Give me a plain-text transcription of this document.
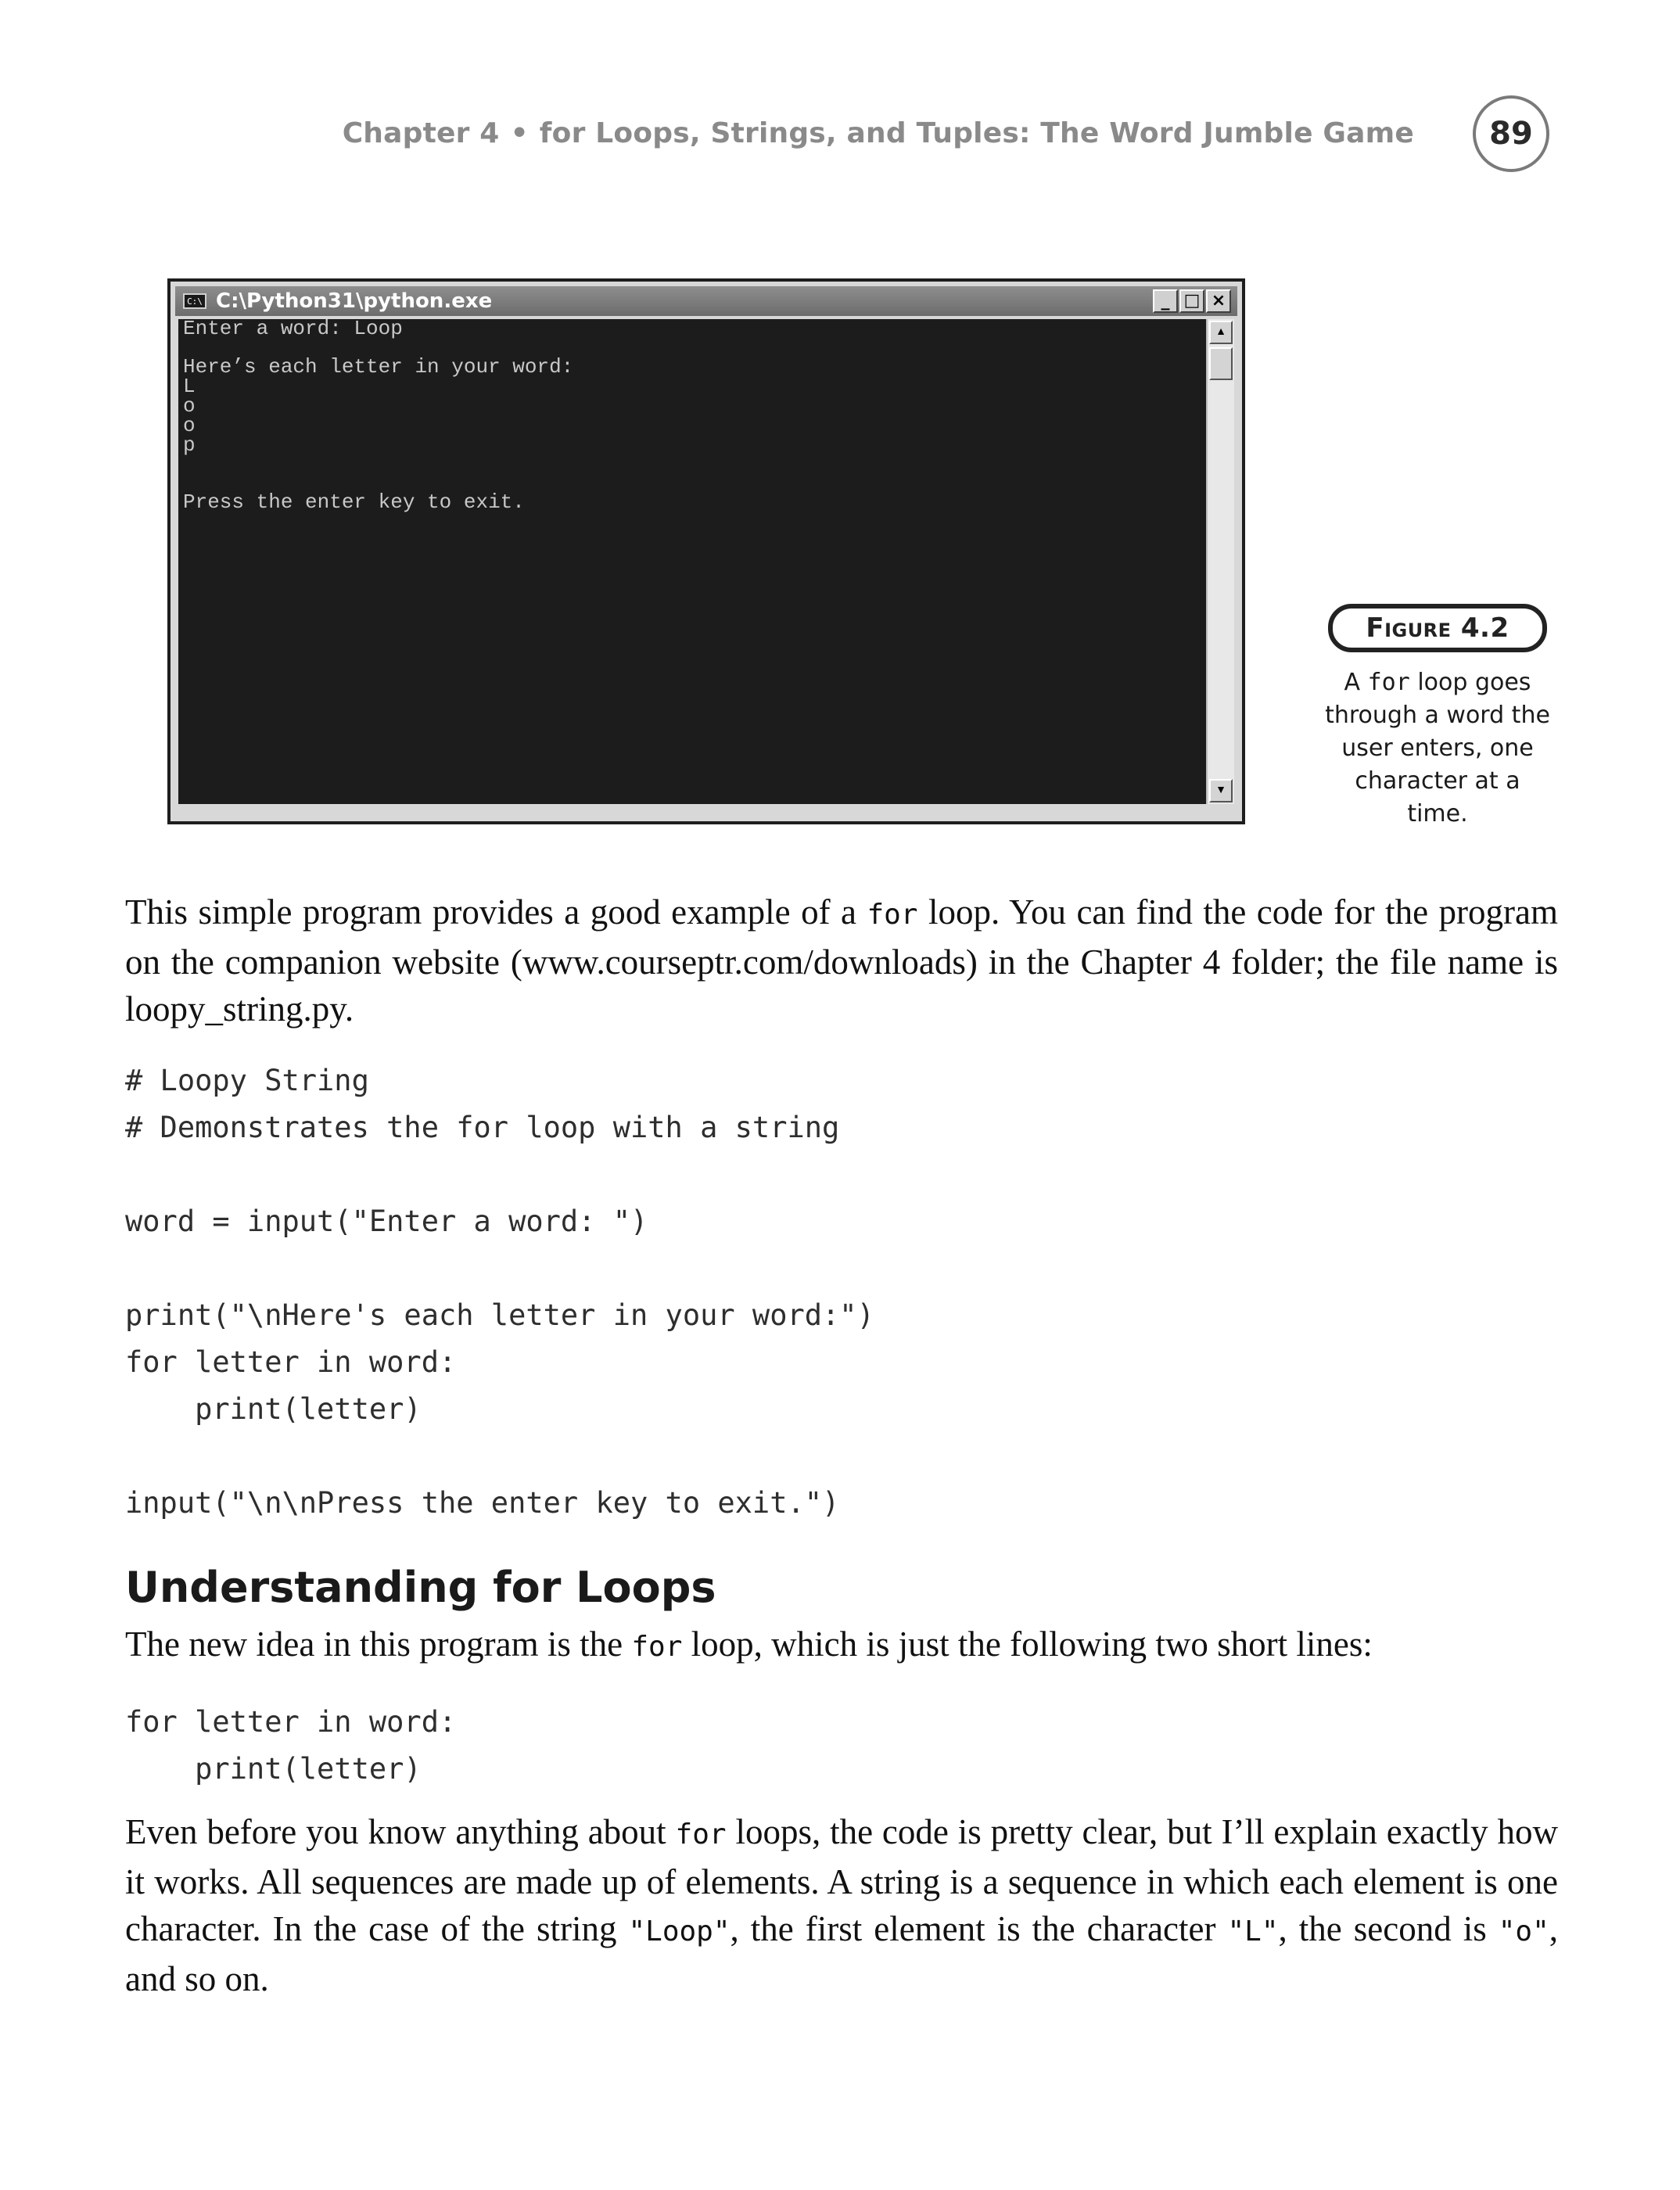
Chapter 4 • for Loops, Strings, and Tuples: The Word Jumble Game	89
C:\ C:\Python31\python.exe	_ □ ×
Enter a word: Loop
Here’s each letter in your word:
L
o
o
p
Press the enter key to exit.
▲
▼
Figure 4.2
A for loop goes through a word the user enters, one character at a time.
This simple program provides a good example of a for loop. You can find the code for the program on the companion website (www.courseptr.com/downloads) in the Chapter 4 folder; the file name is loopy_string.py.
# Loopy String
# Demonstrates the for loop with a string
word = input("Enter a word: ")
print("\nHere's each letter in your word:")
for letter in word:
print(letter)
input("\n\nPress the enter key to exit.")
Understanding for Loops
The new idea in this program is the for loop, which is just the following two short lines:
for letter in word:
print(letter)
Even before you know anything about for loops, the code is pretty clear, but I’ll explain exactly how it works. All sequences are made up of elements. A string is a sequence in which each element is one character. In the case of the string "Loop", the first element is the character "L", the second is "o", and so on.
